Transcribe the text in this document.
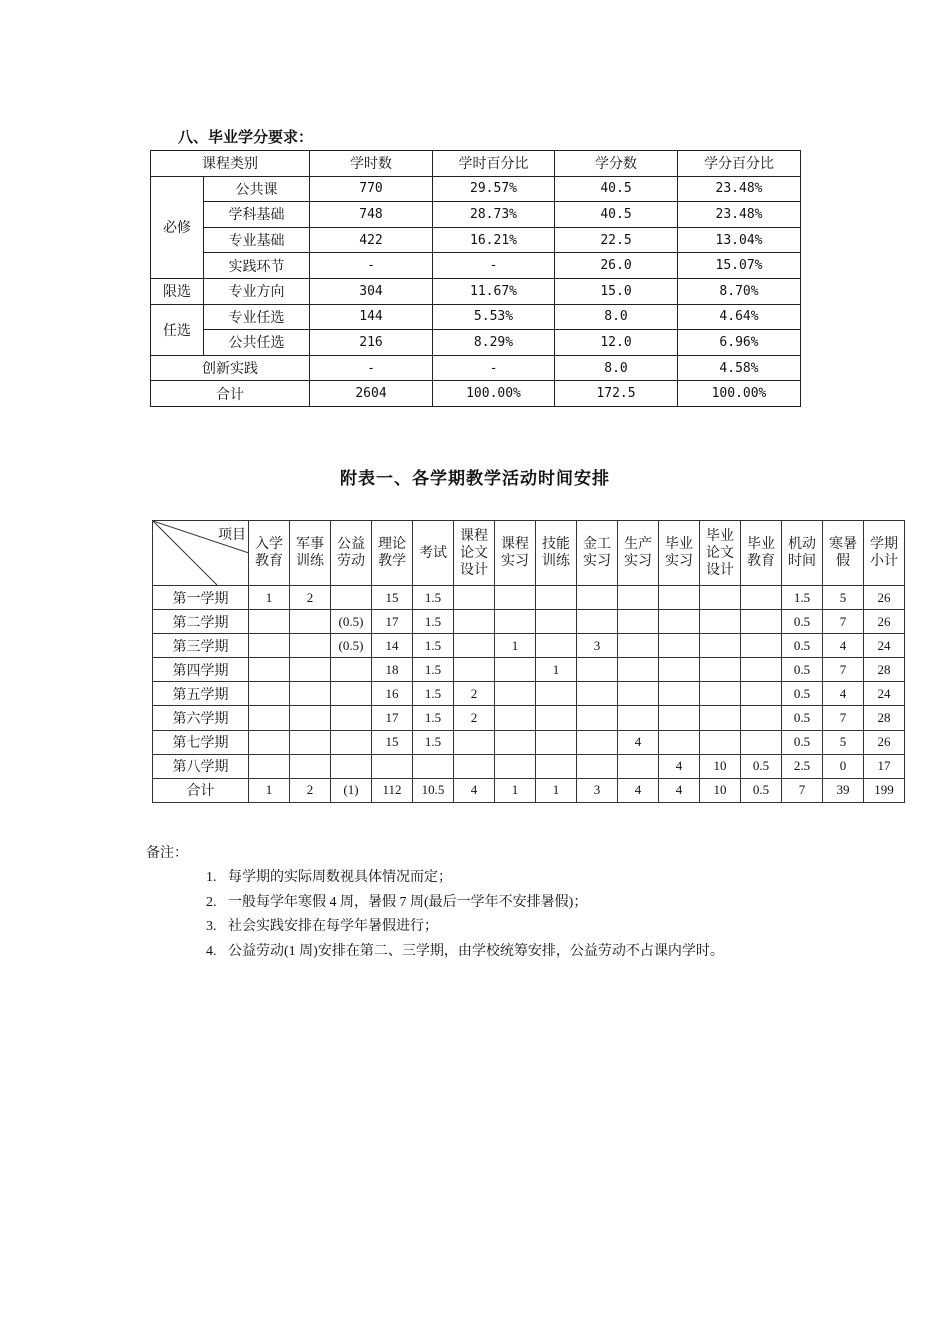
八、毕业学分要求：
课程类别		学时数	学时百分比	学分数	学分百分比
必修	公共课	770	29.57%	40.5	23.48%
	学科基础	748	28.73%	40.5	23.48%
	专业基础	422	16.21%	22.5	13.04%
	实践环节	-	-	26.0	15.07%
限选	专业方向	304	11.67%	15.0	8.70%
任选	专业任选	144	5.53%	8.0	4.64%
	公共任选	216	8.29%	12.0	6.96%
创新实践		-	-	8.0	4.58%
合计		2604	100.00%	172.5	100.00%
附表一、各学期教学活动时间安排
项目	入学教育	军事训练	公益劳动	理论教学	考试	课程论文设计	课程实习	技能训练	金工实习	生产实习	毕业实习	毕业论文设计	毕业教育	机动时间	寒暑假	学期小计
第一学期	1	2		15	1.5									1.5	5	26
第二学期			(0.5)	17	1.5									0.5	7	26
第三学期			(0.5)	14	1.5		1		3					0.5	4	24
第四学期				18	1.5			1						0.5	7	28
第五学期				16	1.5	2								0.5	4	24
第六学期				17	1.5	2								0.5	7	28
第七学期				15	1.5					4				0.5	5	26
第八学期											4	10	0.5	2.5	0	17
合计	1	2	(1)	112	10.5	4	1	1	3	4	4	10	0.5	7	39	199
备注：
1. 每学期的实际周数视具体情况而定；
2. 一般每学年寒假 4 周，暑假 7 周(最后一学年不安排暑假)；
3. 社会实践安排在每学年暑假进行；
4. 公益劳动(1 周)安排在第二、三学期，由学校统筹安排，公益劳动不占课内学时。
